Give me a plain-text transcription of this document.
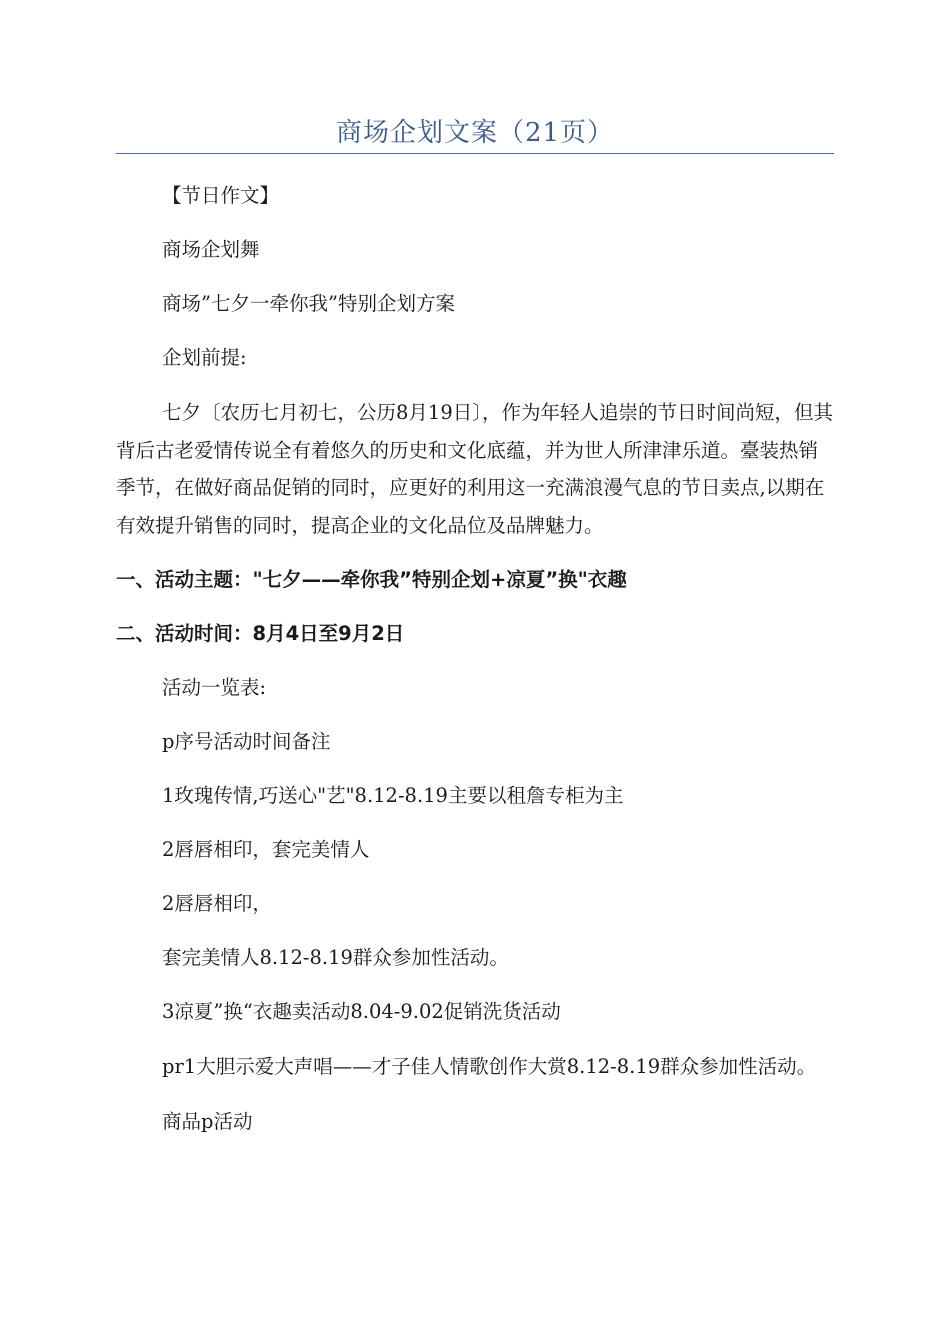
商场企划文案（21页）

【节日作文】

商场企划舞

商场”七夕一牵你我”特别企划方案

企划前提:

七夕〔农历七月初七，公历8月19日〕，作为年轻人追崇的节日时间尚短，但其背后古老爱情传说全有着悠久的历史和文化底蕴，并为世人所津津乐道。臺装热销季节，在做好商品促销的同时，应更好的利用这一充满浪漫气息的节日卖点,以期在有效提升销售的同时，提高企业的文化品位及品牌魅力。

一、活动主题："七夕——牵你我”特别企划+凉夏”换"衣趣

二、活动时间：8月4日至9月2日

活动一览表:

p序号活动时间备注

1玫瑰传情,巧送心"艺"8.12-8.19主要以租詹专柜为主

2唇唇相印，套完美情人

2唇唇相印，

套完美情人8.12-8.19群众参加性活动。

3凉夏”换“衣趣卖活动8.04-9.02促销洗货活动

pr1大胆示爱大声唱——才子佳人情歌创作大赏8.12-8.19群众参加性活动。

商品p活动
